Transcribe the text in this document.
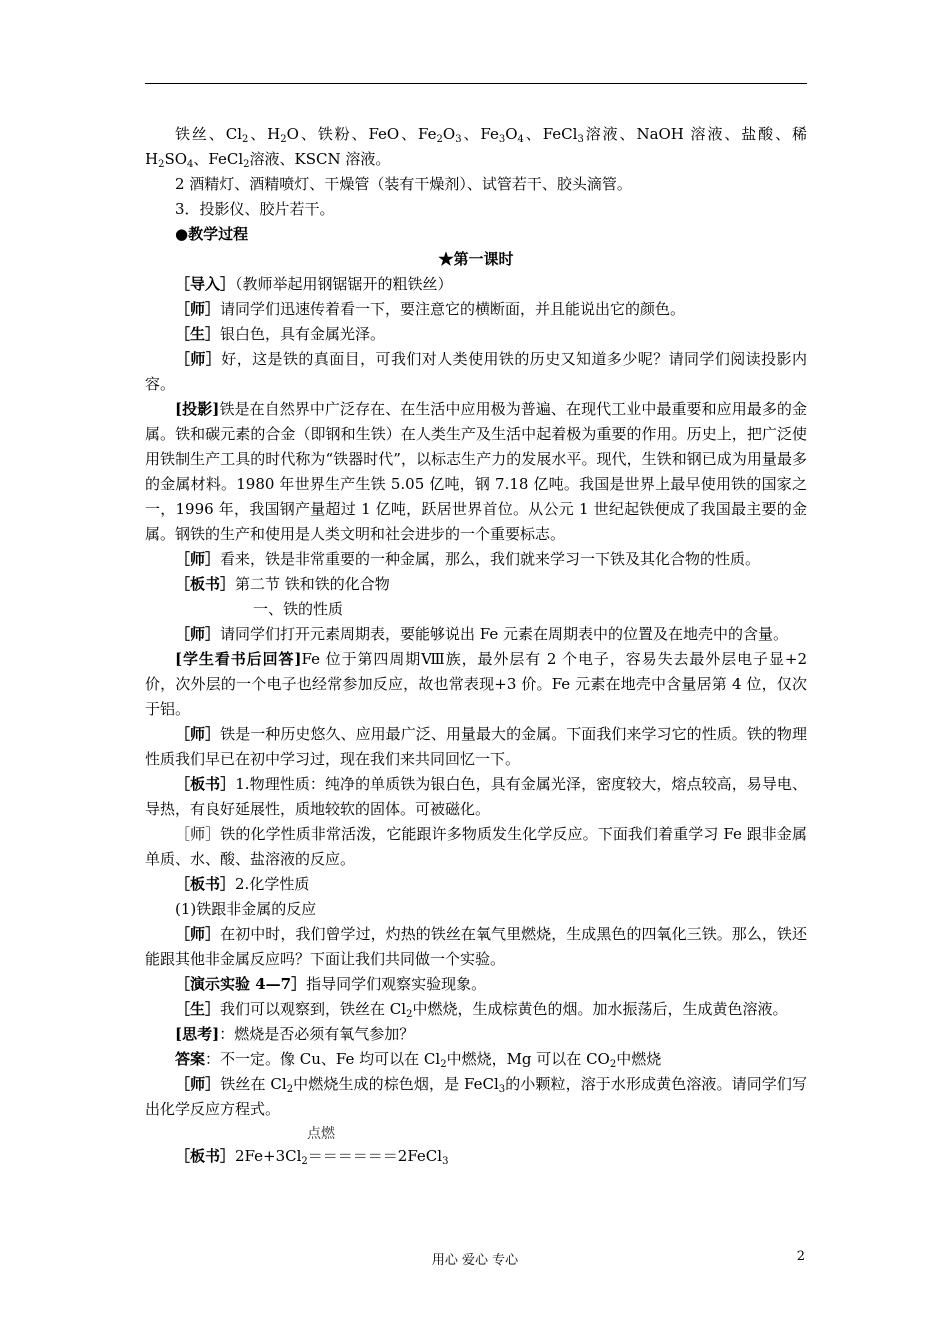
铁丝、$Cl_2$、$H_2O$、铁粉、FeO、$Fe_2O_3$、$Fe_3O_4$、FeCl$_3$溶液、NaOH 溶液、盐酸、稀 $H_2SO_4$、FeCl$_2$溶液、KSCN 溶液。

2 酒精灯、酒精喷灯、干燥管（装有干燥剂）、试管若干、胶头滴管。

3．投影仪、胶片若干。

●教学过程

★第一课时

［导入］（教师举起用钢锯锯开的粗铁丝）

［师］请同学们迅速传着看一下，要注意它的横断面，并且能说出它的颜色。

［生］银白色，具有金属光泽。

［师］好，这是铁的真面目，可我们对人类使用铁的历史又知道多少呢？请同学们阅读投影内容。

[投影]铁是在自然界中广泛存在、在生活中应用极为普遍、在现代工业中最重要和应用最多的金属。铁和碳元素的合金（即钢和生铁）在人类生产及生活中起着极为重要的作用。历史上，把广泛使用铁制生产工具的时代称为“铁器时代”，以标志生产力的发展水平。现代，生铁和钢已成为用量最多的金属材料。1980 年世界生产生铁 5.05 亿吨，钢 7.18 亿吨。我国是世界上最早使用铁的国家之一，1996 年，我国钢产量超过 1 亿吨，跃居世界首位。从公元 1 世纪起铁便成了我国最主要的金属。钢铁的生产和使用是人类文明和社会进步的一个重要标志。

［师］看来，铁是非常重要的一种金属，那么，我们就来学习一下铁及其化合物的性质。

［板书］第二节 铁和铁的化合物

一、铁的性质

［师］请同学们打开元素周期表，要能够说出 Fe 元素在周期表中的位置及在地壳中的含量。

[学生看书后回答]Fe 位于第四周期Ⅷ族，最外层有 2 个电子，容易失去最外层电子显+2 价，次外层的一个电子也经常参加反应，故也常表现+3 价。Fe 元素在地壳中含量居第 4 位，仅次于铝。

［师］铁是一种历史悠久、应用最广泛、用量最大的金属。下面我们来学习它的性质。铁的物理性质我们早已在初中学习过，现在我们来共同回忆一下。

［板书］1.物理性质：纯净的单质铁为银白色，具有金属光泽，密度较大，熔点较高，易导电、导热，有良好延展性，质地较软的固体。可被磁化。

［师］铁的化学性质非常活泼，它能跟许多物质发生化学反应。下面我们着重学习 Fe 跟非金属单质、水、酸、盐溶液的反应。

［板书］2.化学性质

(1)铁跟非金属的反应

［师］在初中时，我们曾学过，灼热的铁丝在氧气里燃烧，生成黑色的四氧化三铁。那么，铁还能跟其他非金属反应吗？下面让我们共同做一个实验。

［演示实验 4—7］指导同学们观察实验现象。

［生］我们可以观察到，铁丝在 $Cl_2$中燃烧，生成棕黄色的烟。加水振荡后，生成黄色溶液。

[思考]：燃烧是否必须有氧气参加？

答案：不一定。像 Cu、Fe 均可以在 $Cl_2$中燃烧，Mg 可以在 $CO_2$中燃烧

［师］铁丝在 $Cl_2$中燃烧生成的棕色烟，是 FeCl$_3$的小颗粒，溶于水形成黄色溶液。请同学们写出化学反应方程式。

点燃
［板书$]2Fe+3Cl_2======2FeCl_3$
用心 爱心 专心	2
